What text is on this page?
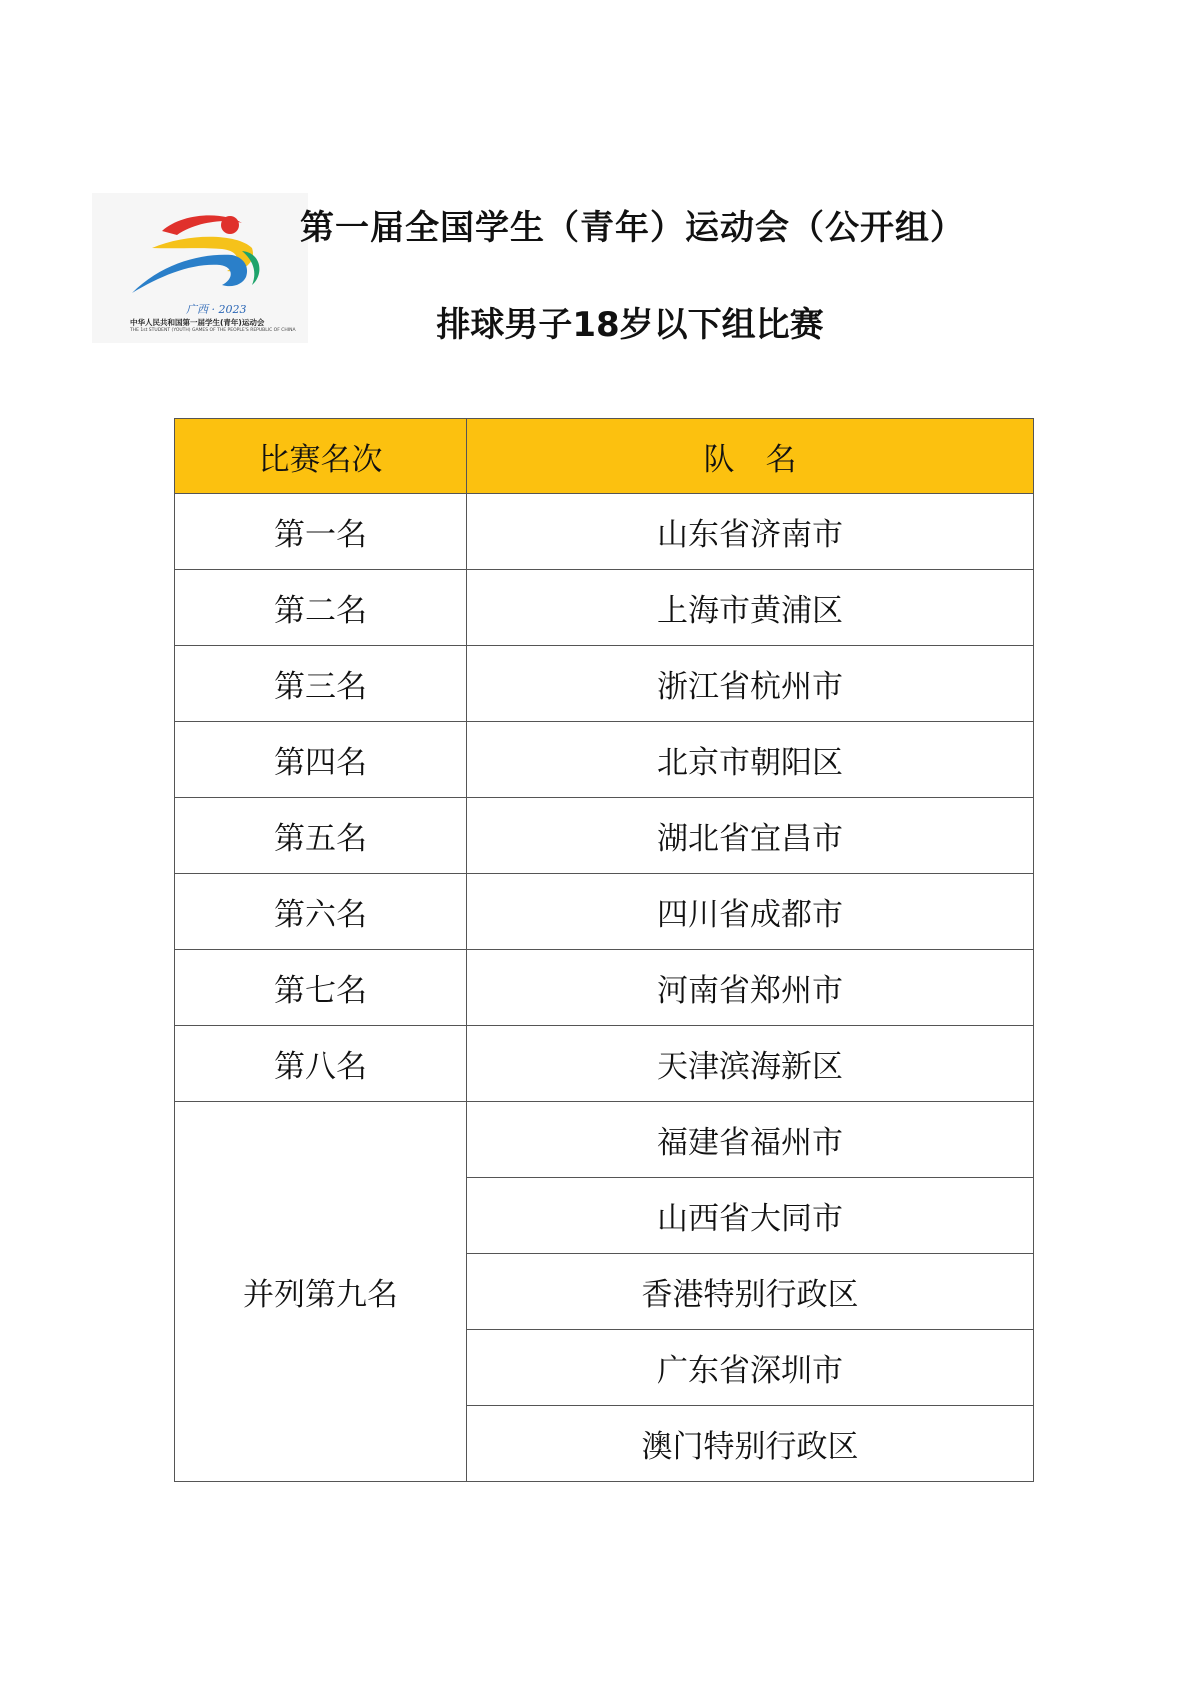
广西 · 2023
中华人民共和国第一届学生(青年)运动会
THE 1st STUDENT (YOUTH) GAMES OF THE PEOPLE'S REPUBLIC OF CHINA
第一届全国学生（青年）运动会（公开组）
排球男子18岁以下组比赛
比赛名次	队　名
第一名	山东省济南市
第二名	上海市黄浦区
第三名	浙江省杭州市
第四名	北京市朝阳区
第五名	湖北省宜昌市
第六名	四川省成都市
第七名	河南省郑州市
第八名	天津滨海新区
并列第九名	福建省福州市
	山西省大同市
	香港特别行政区
	广东省深圳市
	澳门特别行政区
